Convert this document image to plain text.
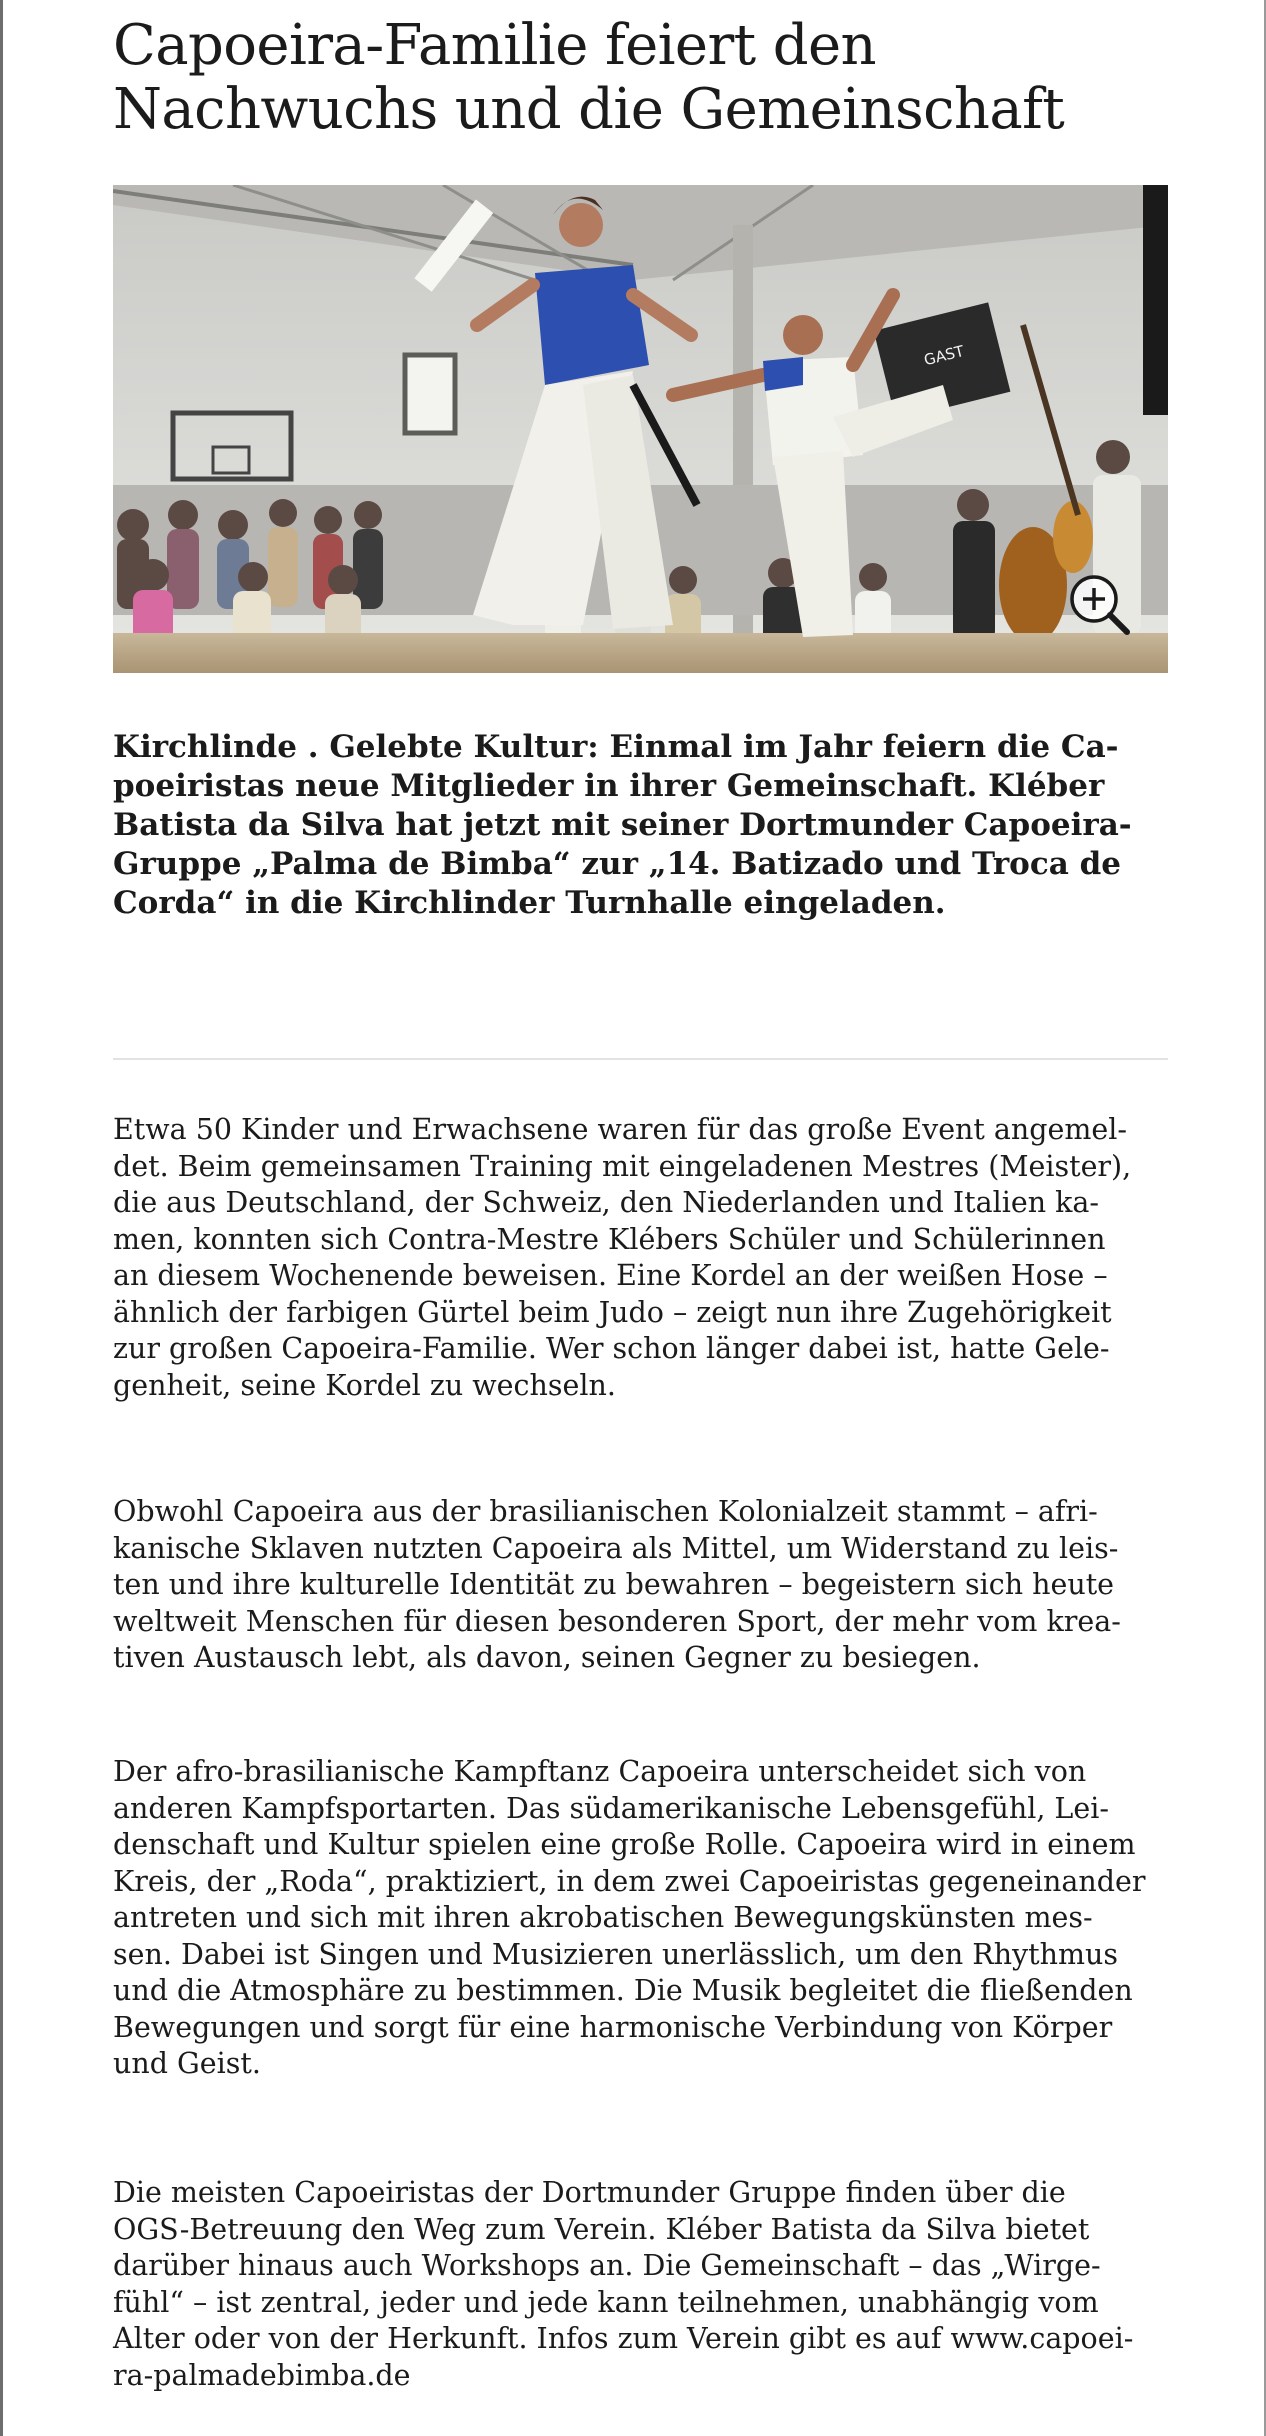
Capoeira-Familie feiert den Nachwuchs und die Gemeinschaft
GAST

Kirchlinde . Gelebte Kultur: Einmal im Jahr feiern die Ca-
poeiristas neue Mitglieder in ihrer Gemeinschaft. Kléber
Batista da Silva hat jetzt mit seiner Dortmunder Capoeira-
Gruppe „Palma de Bimba“ zur „14. Batizado und Troca de
Corda“ in die Kirchlinder Turnhalle eingeladen.

Etwa 50 Kinder und Erwachsene waren für das große Event angemel-
det. Beim gemeinsamen Training mit eingeladenen Mestres (Meister),
die aus Deutschland, der Schweiz, den Niederlanden und Italien ka-
men, konnten sich Contra-Mestre Klébers Schüler und Schülerinnen
an diesem Wochenende beweisen. Eine Kordel an der weißen Hose –
ähnlich der farbigen Gürtel beim Judo – zeigt nun ihre Zugehörigkeit
zur großen Capoeira-Familie. Wer schon länger dabei ist, hatte Gele-
genheit, seine Kordel zu wechseln.

Obwohl Capoeira aus der brasilianischen Kolonialzeit stammt – afri-
kanische Sklaven nutzten Capoeira als Mittel, um Widerstand zu leis-
ten und ihre kulturelle Identität zu bewahren – begeistern sich heute
weltweit Menschen für diesen besonderen Sport, der mehr vom krea-
tiven Austausch lebt, als davon, seinen Gegner zu besiegen.

Der afro-brasilianische Kampftanz Capoeira unterscheidet sich von
anderen Kampfsportarten. Das südamerikanische Lebensgefühl, Lei-
denschaft und Kultur spielen eine große Rolle. Capoeira wird in einem
Kreis, der „Roda“, praktiziert, in dem zwei Capoeiristas gegeneinander
antreten und sich mit ihren akrobatischen Bewegungskünsten mes-
sen. Dabei ist Singen und Musizieren unerlässlich, um den Rhythmus
und die Atmosphäre zu bestimmen. Die Musik begleitet die fließenden
Bewegungen und sorgt für eine harmonische Verbindung von Körper
und Geist.

Die meisten Capoeiristas der Dortmunder Gruppe finden über die
OGS-Betreuung den Weg zum Verein. Kléber Batista da Silva bietet
darüber hinaus auch Workshops an. Die Gemeinschaft – das „Wirge-
fühl“ – ist zentral, jeder und jede kann teilnehmen, unabhängig vom
Alter oder von der Herkunft. Infos zum Verein gibt es auf www.capoei-
ra-palmadebimba.de
